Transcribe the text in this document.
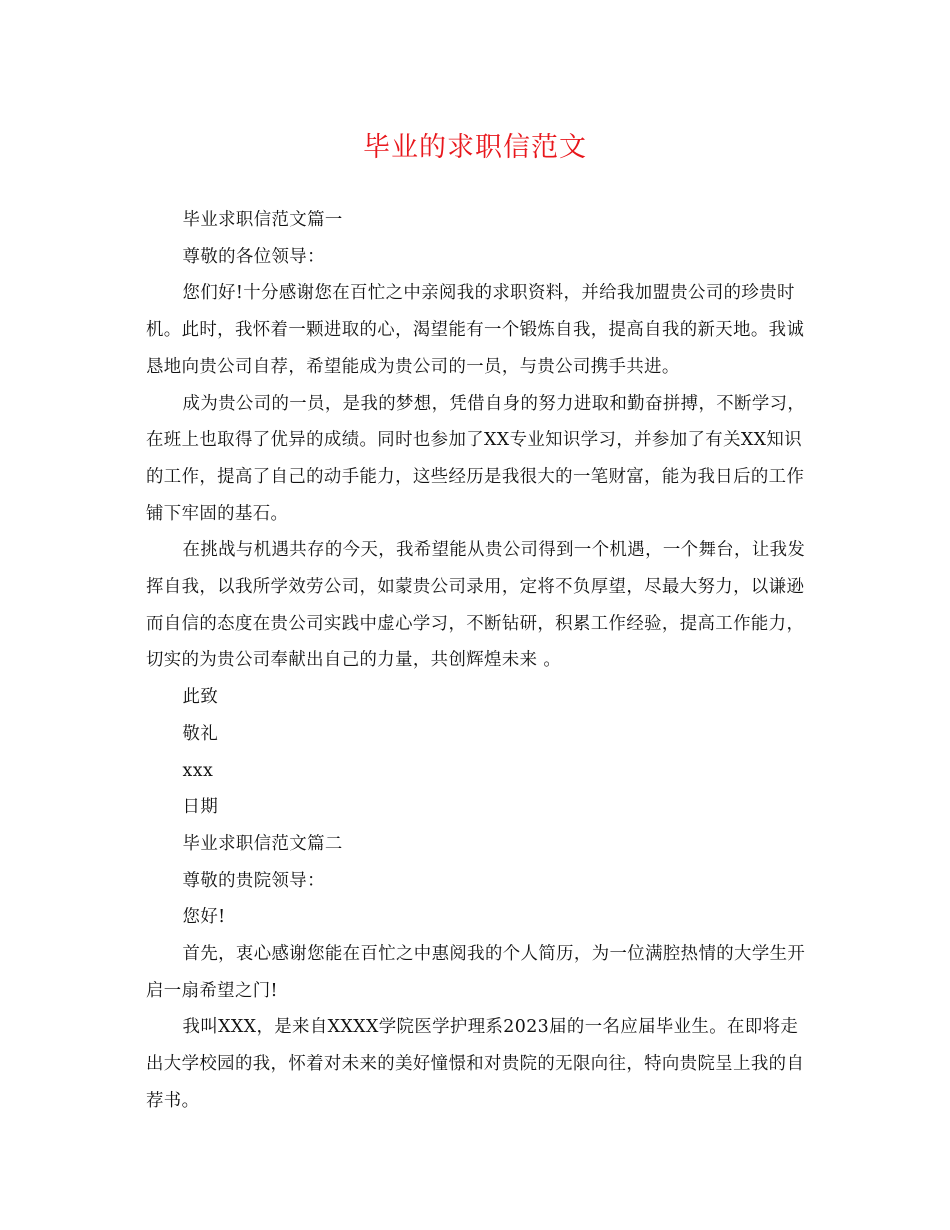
毕业的求职信范文

毕业求职信范文篇一

尊敬的各位领导：

您们好!十分感谢您在百忙之中亲阅我的求职资料，并给我加盟贵公司的珍贵时机。此时，我怀着一颗进取的心，渴望能有一个锻炼自我，提高自我的新天地。我诚恳地向贵公司自荐，希望能成为贵公司的一员，与贵公司携手共进。

成为贵公司的一员，是我的梦想，凭借自身的努力进取和勤奋拼搏，不断学习，在班上也取得了优异的成绩。同时也参加了XX专业知识学习，并参加了有关XX知识的工作，提高了自己的动手能力，这些经历是我很大的一笔财富，能为我日后的工作铺下牢固的基石。

在挑战与机遇共存的今天，我希望能从贵公司得到一个机遇，一个舞台，让我发挥自我，以我所学效劳公司，如蒙贵公司录用，定将不负厚望，尽最大努力，以谦逊而自信的态度在贵公司实践中虚心学习，不断钻研，积累工作经验，提高工作能力，切实的为贵公司奉献出自己的力量，共创辉煌未来 。

此致

敬礼

xxx

日期

毕业求职信范文篇二

尊敬的贵院领导：

您好!

首先，衷心感谢您能在百忙之中惠阅我的个人简历，为一位满腔热情的大学生开启一扇希望之门!

我叫XXX，是来自XXXX学院医学护理系2023届的一名应届毕业生。在即将走出大学校园的我，怀着对未来的美好憧憬和对贵院的无限向往，特向贵院呈上我的自荐书。
